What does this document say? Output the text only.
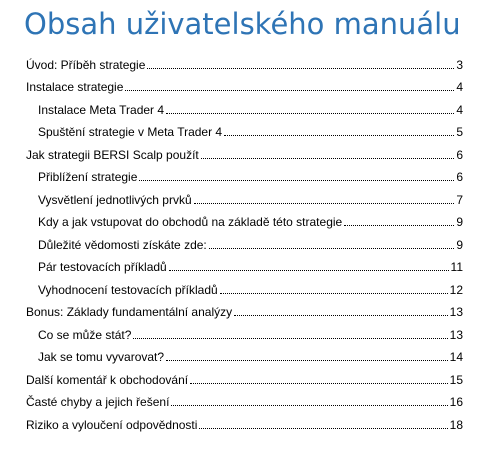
Obsah uživatelského manuálu
Úvod: Příběh strategie	3
Instalace strategie	4
Instalace Meta Trader 4	4
Spuštění strategie v Meta Trader 4	5
Jak strategii BERSI Scalp použít	6
Přiblížení strategie	6
Vysvětlení jednotlivých prvků	7
Kdy a jak vstupovat do obchodů na základě této strategie	9
Důležité vědomosti získáte zde:	9
Pár testovacích příkladů	11
Vyhodnocení testovacích příkladů	12
Bonus: Základy fundamentální analýzy	13
Co se může stát?	13
Jak se tomu vyvarovat?	14
Další komentář k obchodování	15
Časté chyby a jejich řešení	16
Riziko a vyloučení odpovědnosti	18
